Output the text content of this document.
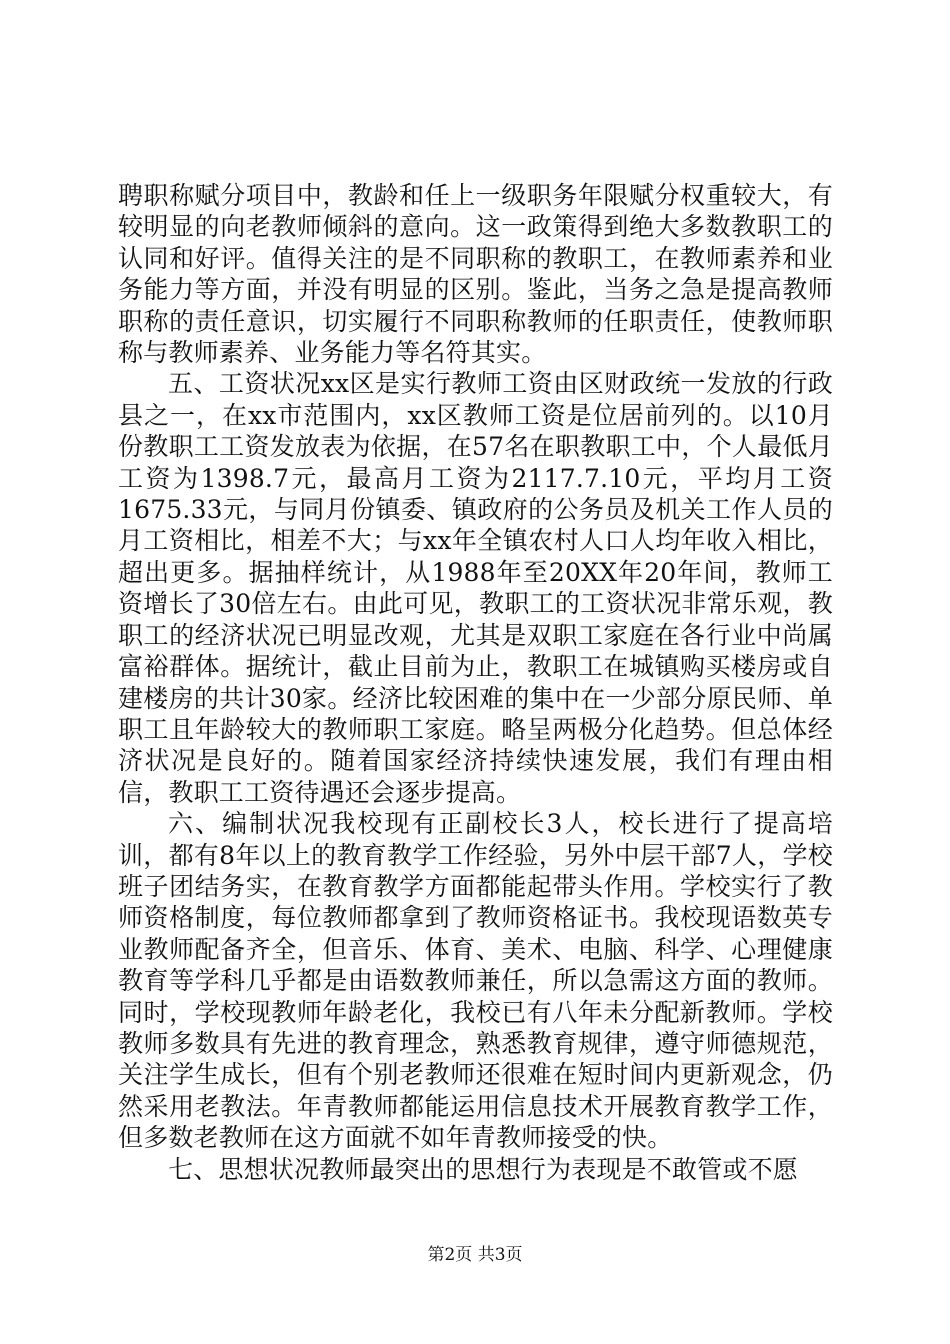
聘职称赋分项目中，教龄和任上一级职务年限赋分权重较大，有较明显的向老教师倾斜的意向。这一政策得到绝大多数教职工的认同和好评。值得关注的是不同职称的教职工，在教师素养和业务能力等方面，并没有明显的区别。鉴此，当务之急是提高教师职称的责任意识，切实履行不同职称教师的任职责任，使教师职称与教师素养、业务能力等名符其实。

五、工资状况xx区是实行教师工资由区财政统一发放的行政县之一，在xx市范围内，xx区教师工资是位居前列的。以10月份教职工工资发放表为依据，在57名在职教职工中，个人最低月工资为1398.7元，最高月工资为2117.7.10元，平均月工资1675.33元，与同月份镇委、镇政府的公务员及机关工作人员的月工资相比，相差不大；与xx年全镇农村人口人均年收入相比，超出更多。据抽样统计，从1988年至20XX年20年间，教师工资增长了30倍左右。由此可见，教职工的工资状况非常乐观，教职工的经济状况已明显改观，尤其是双职工家庭在各行业中尚属富裕群体。据统计，截止目前为止，教职工在城镇购买楼房或自建楼房的共计30家。经济比较困难的集中在一少部分原民师、单职工且年龄较大的教师职工家庭。略呈两极分化趋势。但总体经济状况是良好的。随着国家经济持续快速发展，我们有理由相信，教职工工资待遇还会逐步提高。

六、编制状况我校现有正副校长3人，校长进行了提高培训，都有8年以上的教育教学工作经验，另外中层干部7人，学校班子团结务实，在教育教学方面都能起带头作用。学校实行了教师资格制度，每位教师都拿到了教师资格证书。我校现语数英专业教师配备齐全，但音乐、体育、美术、电脑、科学、心理健康教育等学科几乎都是由语数教师兼任，所以急需这方面的教师。同时，学校现教师年龄老化，我校已有八年未分配新教师。学校教师多数具有先进的教育理念，熟悉教育规律，遵守师德规范，关注学生成长，但有个别老教师还很难在短时间内更新观念，仍然采用老教法。年青教师都能运用信息技术开展教育教学工作，但多数老教师在这方面就不如年青教师接受的快。

七、思想状况教师最突出的思想行为表现是不敢管或不愿

第2页 共3页
